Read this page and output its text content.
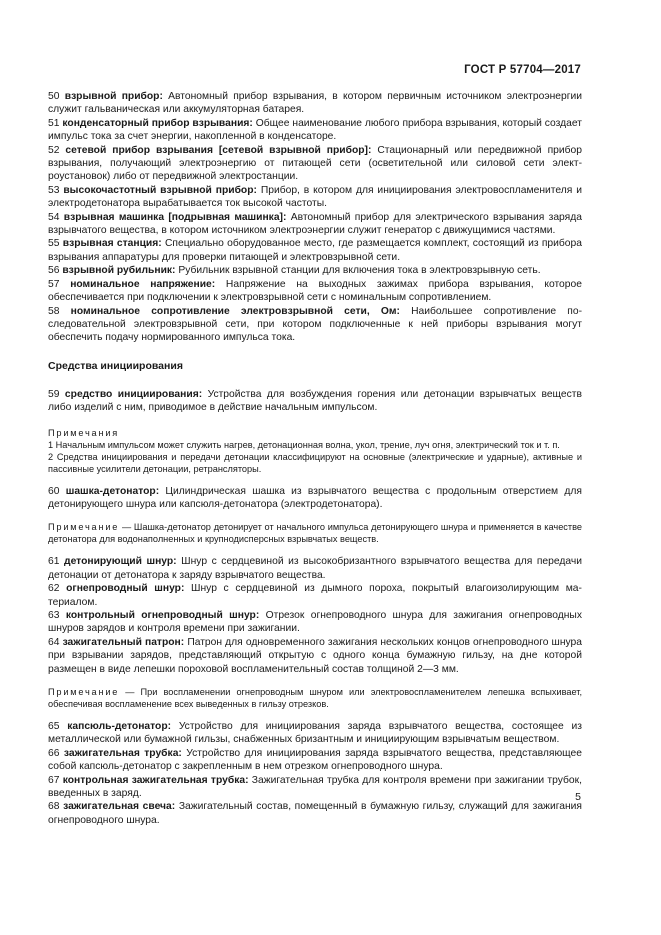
ГОСТ Р 57704—2017

50 взрывной прибор: Автономный прибор взрывания, в котором первичным источником электроэнергии служит гальваническая или аккумуляторная батарея.

51 конденсаторный прибор взрывания: Общее наименование любого прибора взрывания, который создает импульс тока за счет энергии, накопленной в конденсаторе.

52 сетевой прибор взрывания [сетевой взрывной прибор]: Стационарный или передвижной прибор взрывания, получающий электроэнергию от питающей сети (осветительной или силовой сети электроустановок) либо от передвижной электростанции.

53 высокочастотный взрывной прибор: Прибор, в котором для инициирования электровоспламенителя и электродетонатора вырабатывается ток высокой частоты.

54 взрывная машинка [подрывная машинка]: Автономный прибор для электрического взрывания заряда взрывчатого вещества, в котором источником электроэнергии служит генератор с движущимися частями.

55 взрывная станция: Специально оборудованное место, где размещается комплект, состоящий из прибора взрывания аппаратуры для проверки питающей и электровзрывной сети.

56 взрывной рубильник: Рубильник взрывной станции для включения тока в электровзрывную сеть.

57 номинальное напряжение: Напряжение на выходных зажимах прибора взрывания, которое обеспечивается при подключении к электровзрывной сети с номинальным сопротивлением.

58 номинальное сопротивление электровзрывной сети, Ом: Наибольшее сопротивление последовательной электровзрывной сети, при котором подключенные к ней приборы взрывания могут обеспечить подачу нормированного импульса тока.

Средства инициирования

59 средство инициирования: Устройства для возбуждения горения или детонации взрывчатых веществ либо изделий с ним, приводимое в действие начальным импульсом.

Примечания

1 Начальным импульсом может служить нагрев, детонационная волна, укол, трение, луч огня, электрический ток и т. п.

2 Средства инициирования и передачи детонации классифицируют на основные (электрические и ударные), активные и пассивные усилители детонации, ретрансляторы.

60 шашка-детонатор: Цилиндрическая шашка из взрывчатого вещества с продольным отверстием для детонирующего шнура или капсюля-детонатора (электродетонатора).

Примечание — Шашка-детонатор детонирует от начального импульса детонирующего шнура и применяется в качестве детонатора для водонаполненных и крупнодисперсных взрывчатых веществ.

61 детонирующий шнур: Шнур с сердцевиной из высокобризантного взрывчатого вещества для передачи детонации от детонатора к заряду взрывчатого вещества.

62 огнепроводный шнур: Шнур с сердцевиной из дымного пороха, покрытый влагоизолирующим материалом.

63 контрольный огнепроводный шнур: Отрезок огнепроводного шнура для зажигания огнепроводных шнуров зарядов и контроля времени при зажигании.

64 зажигательный патрон: Патрон для одновременного зажигания нескольких концов огнепроводного шнура при взрывании зарядов, представляющий открытую с одного конца бумажную гильзу, на дне которой размещен в виде лепешки пороховой воспламенительный состав толщиной 2—3 мм.

Примечание — При воспламенении огнепроводным шнуром или электровоспламенителем лепешка вспыхивает, обеспечивая воспламенение всех выведенных в гильзу отрезков.

65 капсюль-детонатор: Устройство для инициирования заряда взрывчатого вещества, состоящее из металлической или бумажной гильзы, снабженных бризантным и инициирующим взрывчатым веществом.

66 зажигательная трубка: Устройство для инициирования заряда взрывчатого вещества, представляющее собой капсюль-детонатор с закрепленным в нем отрезком огнепроводного шнура.

67 контрольная зажигательная трубка: Зажигательная трубка для контроля времени при зажигании трубок, введенных в заряд.

68 зажигательная свеча: Зажигательный состав, помещенный в бумажную гильзу, служащий для зажигания огнепроводного шнура.

5
